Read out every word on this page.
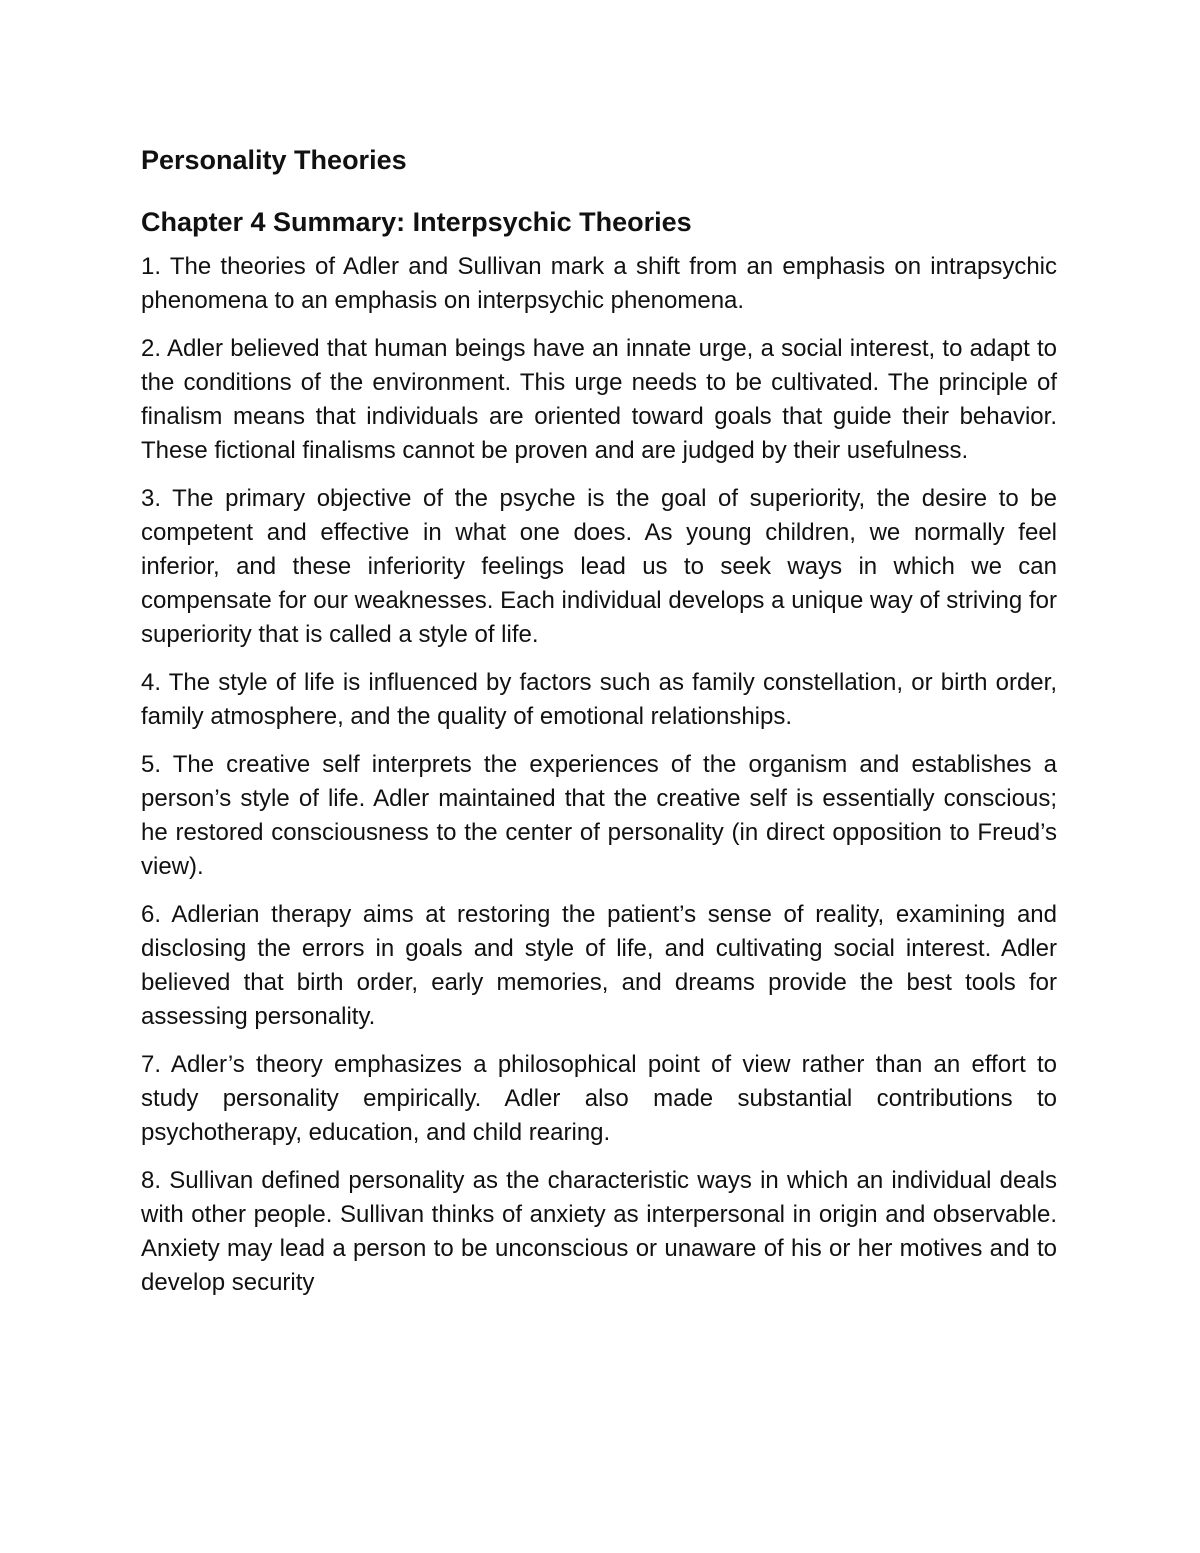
Personality Theories
Chapter 4 Summary: Interpsychic Theories

1. The theories of Adler and Sullivan mark a shift from an emphasis on intrapsychic phenomena to an emphasis on interpsychic phenomena.

2. Adler believed that human beings have an innate urge, a social interest, to adapt to the conditions of the environment. This urge needs to be cultivated. The principle of finalism means that individuals are oriented toward goals that guide their behavior. These fictional finalisms cannot be proven and are judged by their usefulness.

3. The primary objective of the psyche is the goal of superiority, the desire to be competent and effective in what one does. As young children, we normally feel inferior, and these inferiority feelings lead us to seek ways in which we can compensate for our weaknesses. Each individual develops a unique way of striving for superiority that is called a style of life.

4. The style of life is influenced by factors such as family constellation, or birth order, family atmosphere, and the quality of emotional relationships.

5. The creative self interprets the experiences of the organism and establishes a person’s style of life. Adler maintained that the creative self is essentially conscious; he restored consciousness to the center of personality (in direct opposition to Freud’s view).

6. Adlerian therapy aims at restoring the patient’s sense of reality, examining and disclosing the errors in goals and style of life, and cultivating social interest. Adler believed that birth order, early memories, and dreams provide the best tools for assessing personality.

7. Adler’s theory emphasizes a philosophical point of view rather than an effort to study personality empirically. Adler also made substantial contributions to psychotherapy, education, and child rearing.

8. Sullivan defined personality as the characteristic ways in which an individual deals with other people. Sullivan thinks of anxiety as interpersonal in origin and observable. Anxiety may lead a person to be unconscious or unaware of his or her motives and to develop security
